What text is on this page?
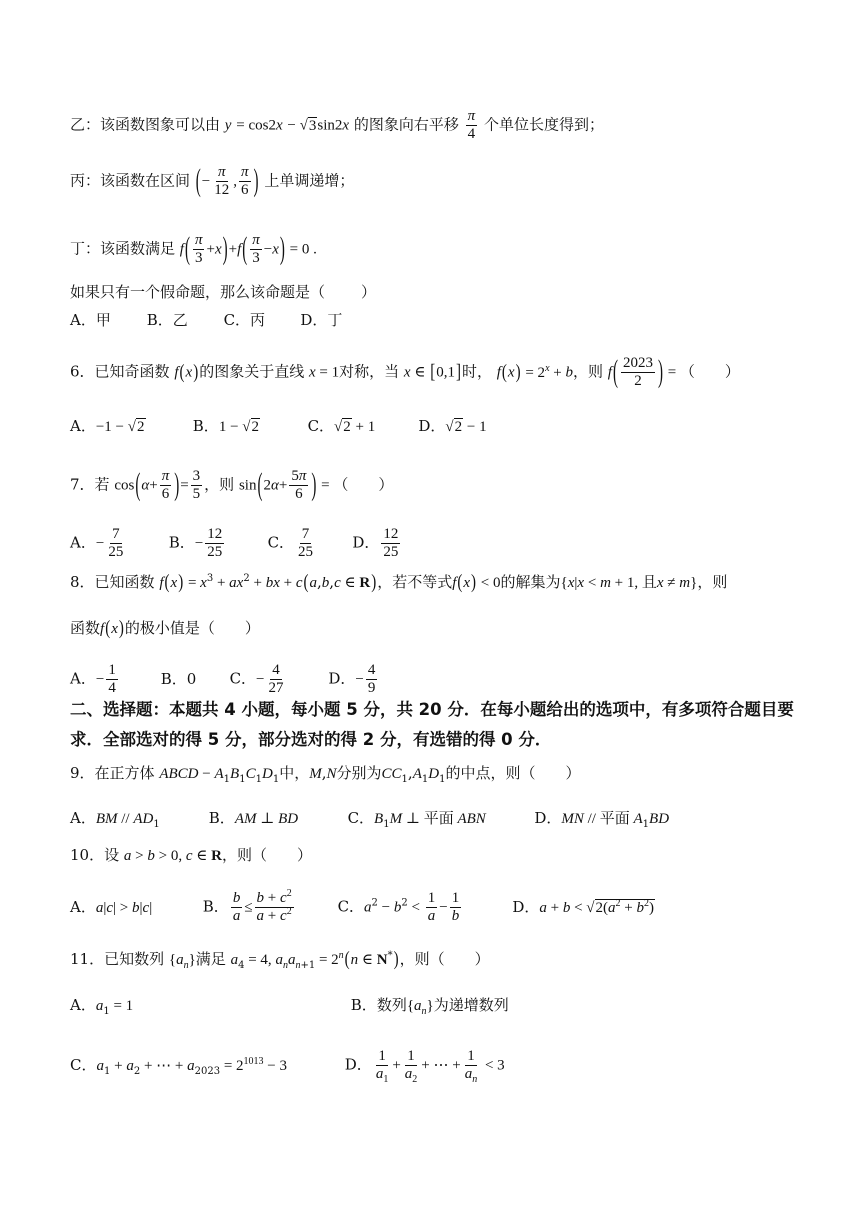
乙：该函数图象可以由 y = cos2x − √3sin2x 的图象向右平移 $\frac{\pi}{4}$ 个单位长度得到；
丙：该函数在区间 (− $\frac{\pi}{12}$ , $\frac{\pi}{6}$ ) 上单调递增；
丁：该函数满足 $f( \frac{\pi}{3} +x)+f( \frac{\pi}{3} -x) = 0$ .
如果只有一个假命题，那么该命题是（ ）
A．甲 B．乙 C．丙 D．丁
6．已知奇函数 f(x)的图象关于直线 x = 1对称，当 x ∈ [0,1]时， $f(x) = 2^x + b$，则 $f( \frac{2023}{2}$ ) = （　　）
A．−1 − √2	B．1 − √2	C．√2 + 1	D．√2 − 1
7．若 $\cos(\alpha+ \frac{\pi}{6}$ )= $\frac{3}{5}$ ，则 $\sin(2\alpha+ \frac{5\pi}{6}$ ) = （　　）
A．− $\frac{7}{25}$	B．− $\frac{12}{25}$	C． $\frac{7}{25}$ D． $\frac{12}{25}$
8．已知函数 $f(x) = x^3 + ax^2$ + bx + c(a,b,c ∈ R)，若不等式f(x) < 0的解集为{x|x < m + 1, 且x ≠ m}，则
函数f(x)的极小值是（　　）
A．− $\frac{1}{4}$	B．0 C．− $\frac{4}{27}$	D．− $\frac{4}{9}$
二、选择题：本题共 4 小题，每小题 5 分，共 20 分．在每小题给出的选项中，有多项符合题目要求．全部选对的得 5 分，部分选对的得 2 分，有选错的得 0 分．
9．在正方体 ABCD − $A_1B_1C_1D_1$中，M,N分别为$CC_1,A_1D_1$的中点，则（　　）
A．BM // $AD_1$	B．AM ⊥ BD	C．$B_1M$ ⊥ 平面 ABN	D．MN // 平面 $A_1BD$
10．设 a > b > 0, c ∈ R，则（　　）
A．a|c| > b|c|	B． $\frac{b}{a} \le \frac{b + c^2}{a + c^2}$	C．$a^2 - b^2 < \frac{1}{a} - \frac{1}{b}$	D．$a + b < √2(a^2 + b^2)$
11．已知数列 $\{a_n\}$满足 $a_4 = 4$, $a_na_{n+1} = 2^n(n$ ∈ N*)，则（　　）
A．$a_1 = 1$	B．数列$\{a_n\}$为递增数列
C．$a_1 + a_2$ + ⋯ + $a_{2023} = 2^{1013} - 3$	D． $\frac{1}{a_1} + \frac{1}{a_2}$ + ⋯ + $\frac{1}{a_n} < 3$
